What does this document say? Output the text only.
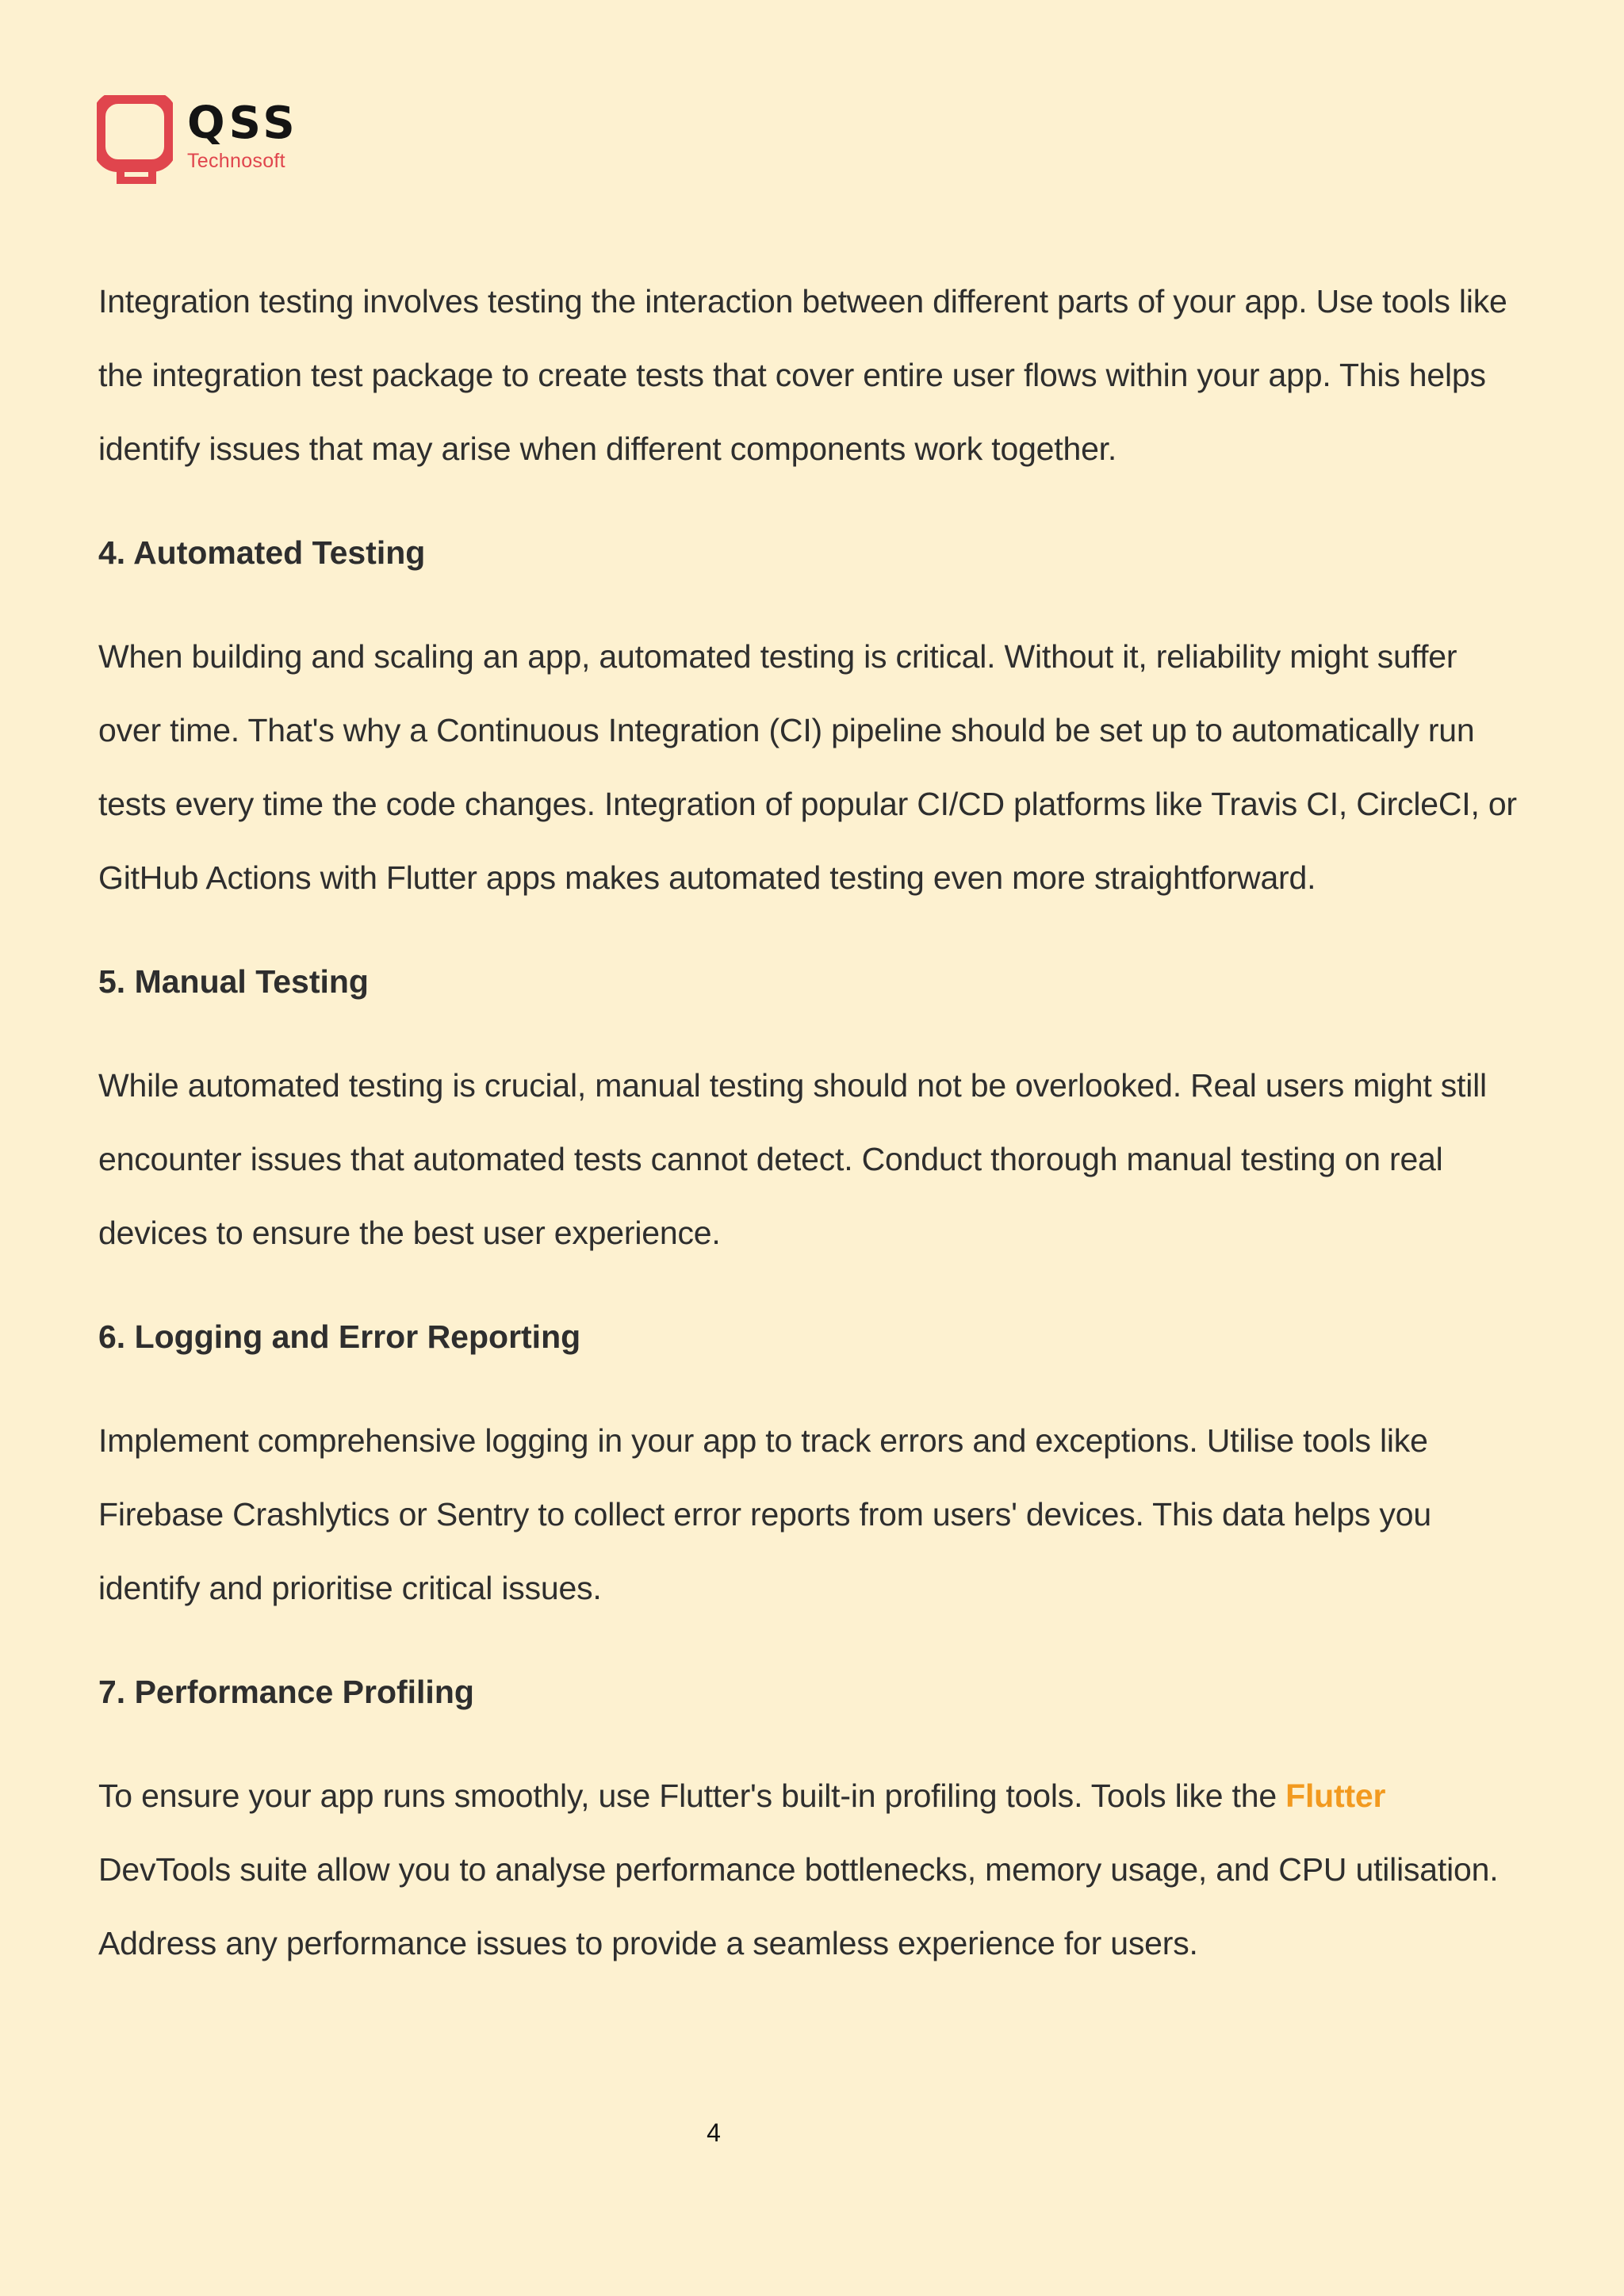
QSS
Technosoft

Integration testing involves testing the interaction between different parts of your app. Use tools like the integration test package to create tests that cover entire user flows within your app. This helps identify issues that may arise when different components work together.

4. Automated Testing

When building and scaling an app, automated testing is critical. Without it, reliability might suffer over time. That's why a Continuous Integration (CI) pipeline should be set up to automatically run tests every time the code changes. Integration of popular CI/CD platforms like Travis CI, CircleCI, or GitHub Actions with Flutter apps makes automated testing even more straightforward.

5. Manual Testing

While automated testing is crucial, manual testing should not be overlooked. Real users might still encounter issues that automated tests cannot detect. Conduct thorough manual testing on real devices to ensure the best user experience.

6. Logging and Error Reporting

Implement comprehensive logging in your app to track errors and exceptions. Utilise tools like Firebase Crashlytics or Sentry to collect error reports from users' devices. This data helps you identify and prioritise critical issues.

7. Performance Profiling

To ensure your app runs smoothly, use Flutter's built-in profiling tools. Tools like the Flutter DevTools suite allow you to analyse performance bottlenecks, memory usage, and CPU utilisation. Address any performance issues to provide a seamless experience for users.

4
